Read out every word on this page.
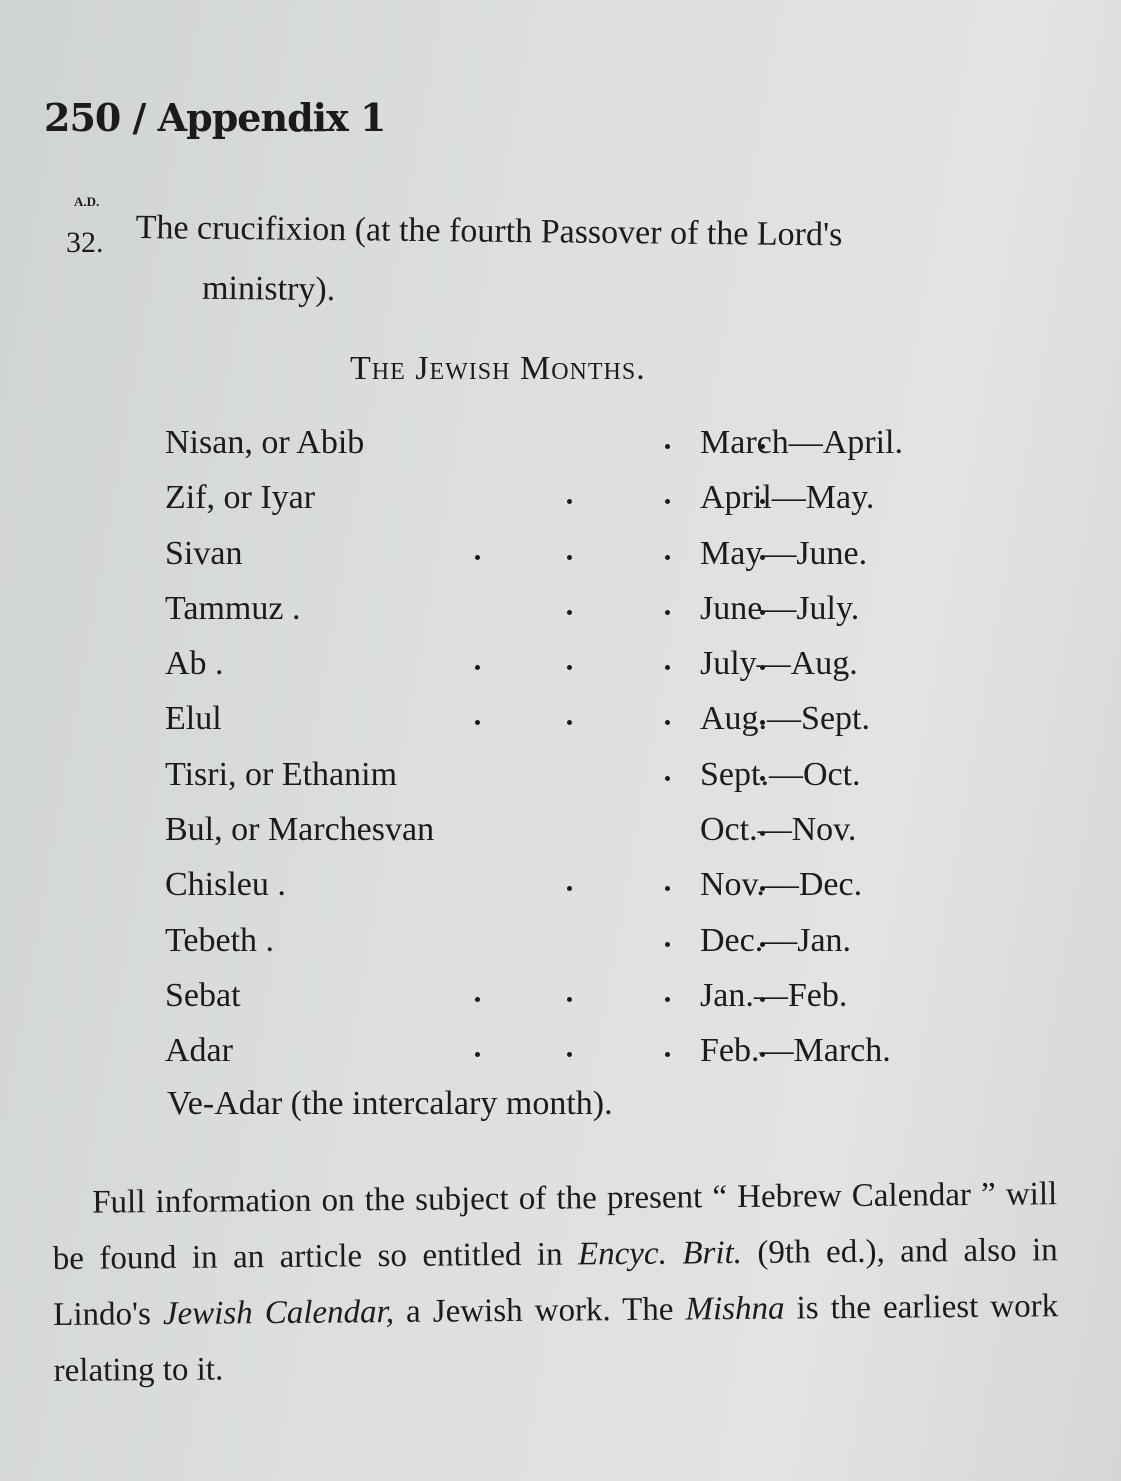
250 / Appendix 1
A.D.
32. The crucifixion (at the fourth Passover of the Lord's
ministry).
The Jewish Months.
Nisan, or Abib	March—April.
Zif, or Iyar	April—May.
Sivan	May—June.
Tammuz .	June—July.
Ab .	July—Aug.
Elul	Aug.—Sept.
Tisri, or Ethanim	Sept.—Oct.
Bul, or Marchesvan	Oct.—Nov.
Chisleu .	Nov.—Dec.
Tebeth .	Dec.—Jan.
Sebat	Jan.—Feb.
Adar	Feb.—March.
Ve-Adar (the intercalary month).
Full information on the subject of the present “ Hebrew Calendar ” will be found in an article so entitled in Encyc. Brit. (9th ed.), and also in Lindo's Jewish Calendar, a Jewish work. The Mishna is the earliest work relating to it.
